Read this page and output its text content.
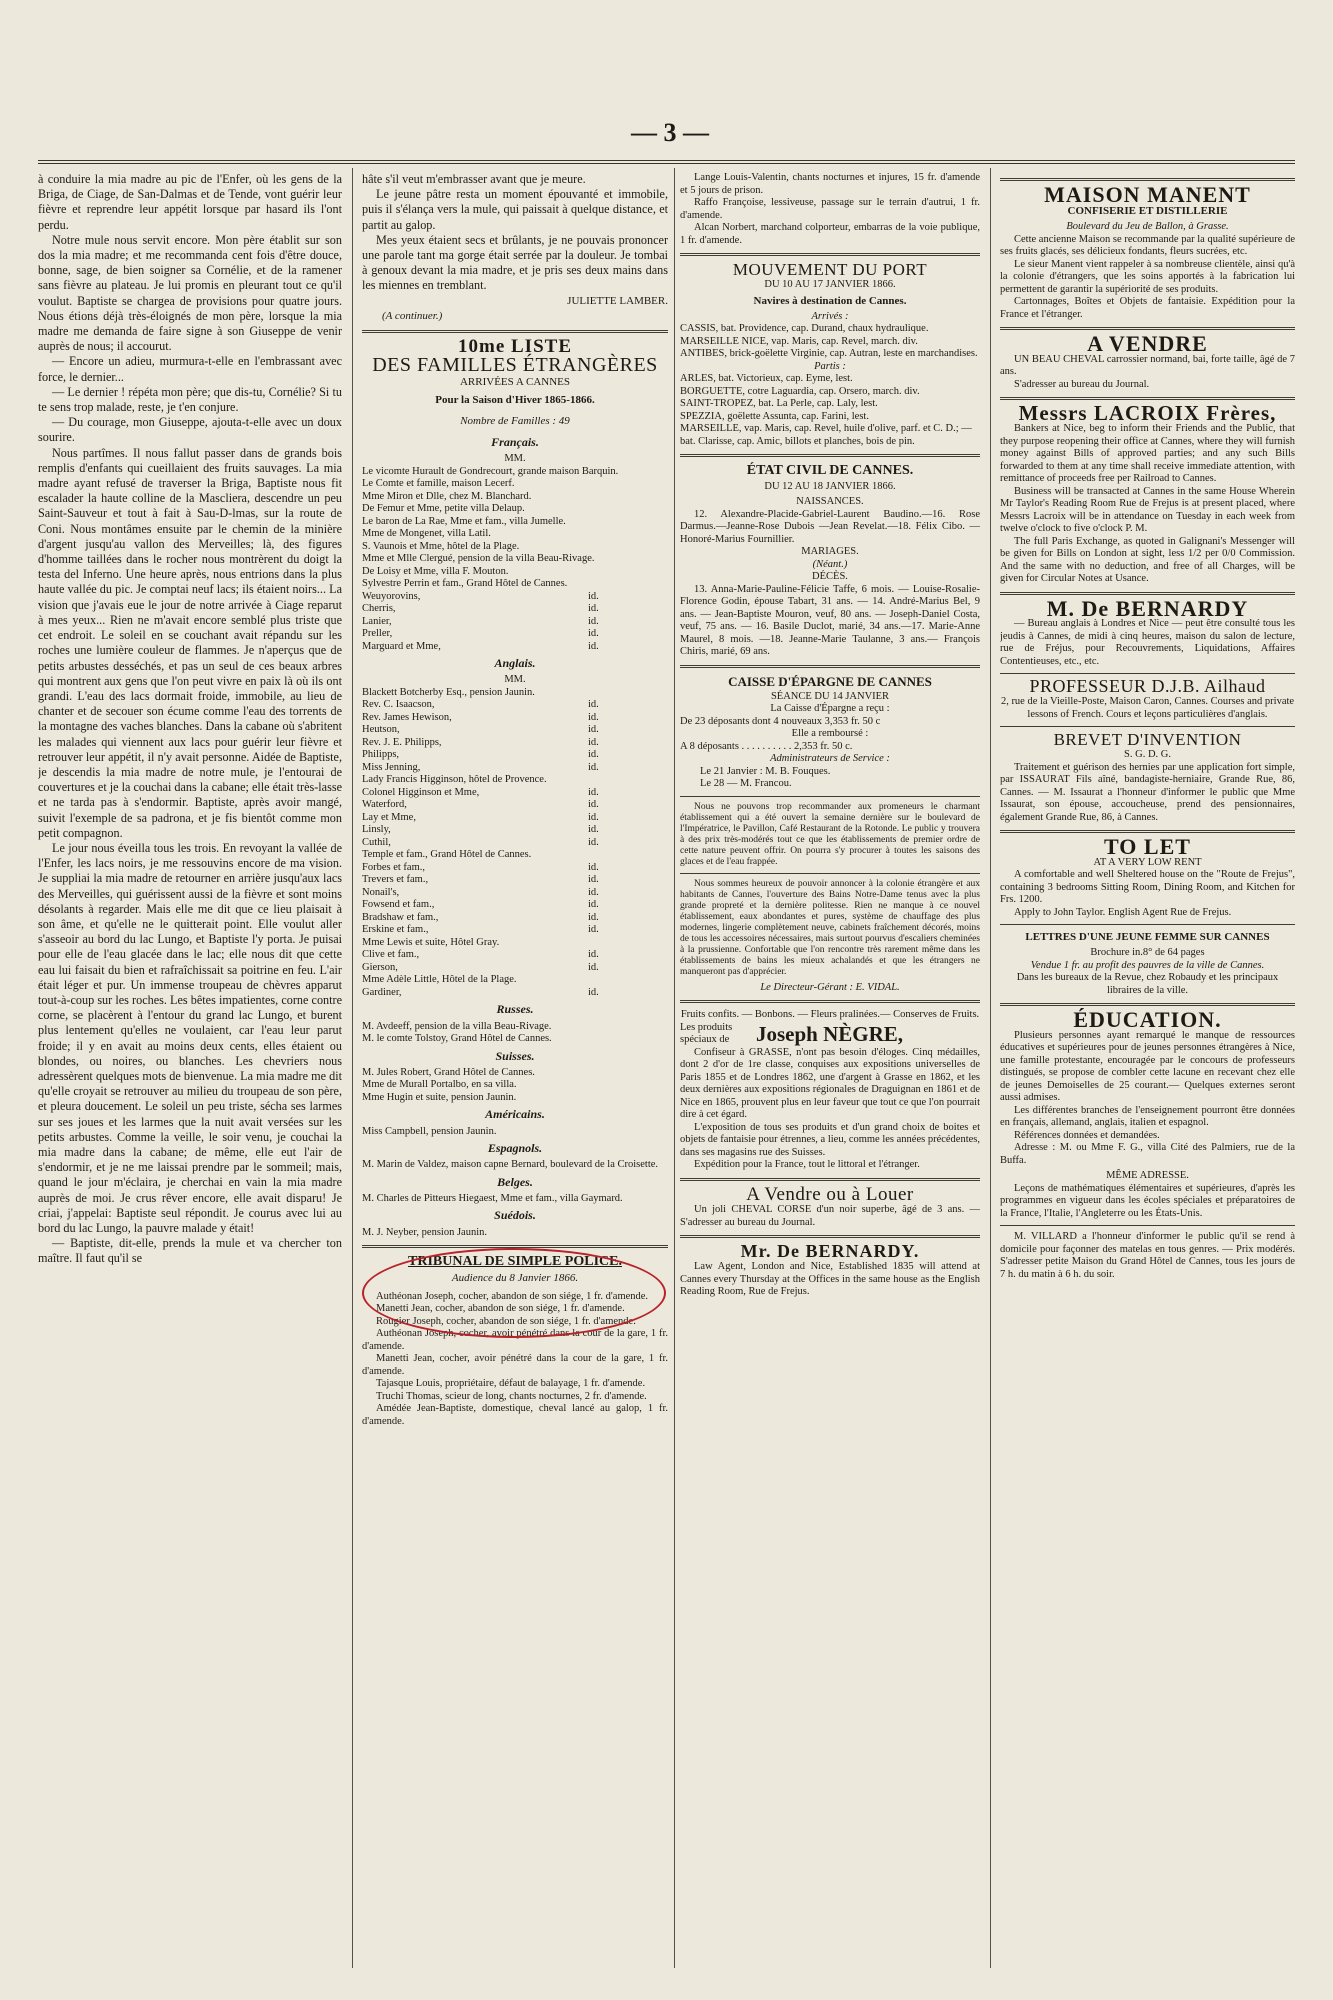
— 3 —

à conduire la mia madre au pic de l'Enfer, où les gens de la Briga, de Ciage, de San-Dalmas et de Tende, vont guérir leur fièvre et reprendre leur appétit lorsque par hasard ils l'ont perdu.

Notre mule nous servit encore. Mon père établit sur son dos la mia madre; et me recommanda cent fois d'être douce, bonne, sage, de bien soigner sa Cornélie, et de la ramener sans fièvre au plateau. Je lui promis en pleurant tout ce qu'il voulut. Baptiste se chargea de provisions pour quatre jours. Nous étions déjà très-éloignés de mon père, lorsque la mia madre me demanda de faire signe à son Giuseppe de venir auprès de nous; il accourut.

— Encore un adieu, murmura-t-elle en l'embrassant avec force, le dernier...

— Le dernier ! répéta mon père; que dis-tu, Cornélie? Si tu te sens trop malade, reste, je t'en conjure.

— Du courage, mon Giuseppe, ajouta-t-elle avec un doux sourire.

Nous partîmes. Il nous fallut passer dans de grands bois remplis d'enfants qui cueillaient des fruits sauvages. La mia madre ayant refusé de traverser la Briga, Baptiste nous fit escalader la haute colline de la Mascliera, descendre un peu Saint-Sauveur et tout à fait à Sau-D-lmas, sur la route de Coni. Nous montâmes ensuite par le chemin de la minière d'argent jusqu'au vallon des Merveilles; là, des figures d'homme taillées dans le rocher nous montrèrent du doigt la testa del Inferno. Une heure après, nous entrions dans la plus haute vallée du pic. Je comptai neuf lacs; ils étaient noirs... La vision que j'avais eue le jour de notre arrivée à Ciage reparut à mes yeux... Rien ne m'avait encore semblé plus triste que cet endroit. Le soleil en se couchant avait répandu sur les roches une lumière couleur de flammes. Je n'aperçus que de petits arbustes desséchés, et pas un seul de ces beaux arbres qui montrent aux gens que l'on peut vivre en paix là où ils ont grandi. L'eau des lacs dormait froide, immobile, au lieu de chanter et de secouer son écume comme l'eau des torrents de la montagne des vaches blanches. Dans la cabane où s'abritent les malades qui viennent aux lacs pour guérir leur fièvre et retrouver leur appétit, il n'y avait personne. Aidée de Baptiste, je descendis la mia madre de notre mule, je l'entourai de couvertures et je la couchai dans la cabane; elle était très-lasse et ne tarda pas à s'endormir. Baptiste, après avoir mangé, suivit l'exemple de sa padrona, et je fis bientôt comme mon petit compagnon.

Le jour nous éveilla tous les trois. En revoyant la vallée de l'Enfer, les lacs noirs, je me ressouvins encore de ma vision. Je suppliai la mia madre de retourner en arrière jusqu'aux lacs des Merveilles, qui guérissent aussi de la fièvre et sont moins désolants à regarder. Mais elle me dit que ce lieu plaisait à son âme, et qu'elle ne le quitterait point. Elle voulut aller s'asseoir au bord du lac Lungo, et Baptiste l'y porta. Je puisai pour elle de l'eau glacée dans le lac; elle nous dit que cette eau lui faisait du bien et rafraîchissait sa poitrine en feu. L'air était léger et pur. Un immense troupeau de chèvres apparut tout-à-coup sur les roches. Les bêtes impatientes, corne contre corne, se placèrent à l'entour du grand lac Lungo, et burent plus lentement qu'elles ne voulaient, car l'eau leur parut froide; il y en avait au moins deux cents, elles étaient ou blondes, ou noires, ou blanches. Les chevriers nous adressèrent quelques mots de bienvenue. La mia madre me dit qu'elle croyait se retrouver au milieu du troupeau de son père, et pleura doucement. Le soleil un peu triste, sécha ses larmes sur ses joues et les larmes que la nuit avait versées sur les petits arbustes. Comme la veille, le soir venu, je couchai la mia madre dans la cabane; de même, elle eut l'air de s'endormir, et je ne me laissai prendre par le sommeil; mais, quand le jour m'éclaira, je cherchai en vain la mia madre auprès de moi. Je crus rêver encore, elle avait disparu! Je criai, j'appelai: Baptiste seul répondit. Je courus avec lui au bord du lac Lungo, la pauvre malade y était!

— Baptiste, dit-elle, prends la mule et va chercher ton maître. Il faut qu'il se

hâte s'il veut m'embrasser avant que je meure.

Le jeune pâtre resta un moment épouvanté et immobile, puis il s'élança vers la mule, qui paissait à quelque distance, et partit au galop.

Mes yeux étaient secs et brûlants, je ne pouvais prononcer une parole tant ma gorge était serrée par la douleur. Je tombai à genoux devant la mia madre, et je pris ses deux mains dans les miennes en tremblant.

JULIETTE LAMBER.
(A continuer.)
10me LISTE
DES FAMILLES ÉTRANGÈRES
ARRIVÉES A CANNES
Pour la Saison d'Hiver 1865-1866.
Nombre de Familles : 49
Français.
MM.
Le vicomte Hurault de Gondrecourt, grande maison Barquin.
Le Comte et famille, maison Lecerf.
Mme Miron et Dlle, chez M. Blanchard.
De Femur et Mme, petite villa Delaup.
Le baron de La Rae, Mme et fam., villa Jumelle.
Mme de Mongenet, villa Latil.
S. Vaunois et Mme, hôtel de la Plage.
Mme et Mlle Clergué, pension de la villa Beau-Rivage.
De Loisy et Mme, villa F. Mouton.
Sylvestre Perrin et fam., Grand Hôtel de Cannes.
Weuyorovins,	id.
Cherris,	id.
Lanier,	id.
Preller,	id.
Marguard et Mme,	id.
Anglais.
MM.
Blackett Botcherby Esq., pension Jaunin.
Rev. C. Isaacson,	id.
Rev. James Hewison,	id.
Heutson,	id.
Rev. J. E. Philipps,	id.
Philipps,	id.
Miss Jenning,	id.
Lady Francis Higginson, hôtel de Provence.
Colonel Higginson et Mme,	id.
Waterford,	id.
Lay et Mme,	id.
Linsly,	id.
Cuthil,	id.
Temple et fam., Grand Hôtel de Cannes.
Forbes et fam.,	id.
Trevers et fam.,	id.
Nonail's,	id.
Fowsend et fam.,	id.
Bradshaw et fam.,	id.
Erskine et fam.,	id.
Mme Lewis et suite, Hôtel Gray.
Clive et fam.,	id.
Gierson,	id.
Mme Adèle Little, Hôtel de la Plage.
Gardiner,	id.
Russes.
M. Avdeeff, pension de la villa Beau-Rivage.
M. le comte Tolstoy, Grand Hôtel de Cannes.
Suisses.
M. Jules Robert, Grand Hôtel de Cannes.
Mme de Murall Portalbo, en sa villa.
Mme Hugin et suite, pension Jaunin.
Américains.
Miss Campbell, pension Jaunin.
Espagnols.
M. Marin de Valdez, maison capne Bernard, boulevard de la Croisette.
Belges.
M. Charles de Pitteurs Hiegaest, Mme et fam., villa Gaymard.
Suédois.
M. J. Neyber, pension Jaunin.
TRIBUNAL DE SIMPLE POLICE.
Audience du 8 Janvier 1866.

Authéonan Joseph, cocher, abandon de son siége, 1 fr. d'amende.

Manetti Jean, cocher, abandon de son siége, 1 fr. d'amende.

Rougier Joseph, cocher, abandon de son siége, 1 fr. d'amende.

Authéonan Joseph, cocher, avoir pénétré dans la cour de la gare, 1 fr. d'amende.

Manetti Jean, cocher, avoir pénétré dans la cour de la gare, 1 fr. d'amende.

Tajasque Louis, propriétaire, défaut de balayage, 1 fr. d'amende.

Truchi Thomas, scieur de long, chants nocturnes, 2 fr. d'amende.

Amédée Jean-Baptiste, domestique, cheval lancé au galop, 1 fr. d'amende.

Lange Louis-Valentin, chants nocturnes et injures, 15 fr. d'amende et 5 jours de prison.

Raffo Françoise, lessiveuse, passage sur le terrain d'autrui, 1 fr. d'amende.

Alcan Norbert, marchand colporteur, embarras de la voie publique, 1 fr. d'amende.

MOUVEMENT DU PORT
DU 10 AU 17 JANVIER 1866.
Navires à destination de Cannes.
Arrivés :
CASSIS, bat. Providence, cap. Durand, chaux hydraulique.
MARSEILLE NICE, vap. Maris, cap. Revel, march. div.
ANTIBES, brick-goëlette Virginie, cap. Autran, leste en marchandises.
Partis :
ARLES, bat. Victorieux, cap. Eyme, lest.
BORGUETTE, cotre Laguardia, cap. Orsero, march. div.
SAINT-TROPEZ, bat. La Perle, cap. Laly, lest.
SPEZZIA, goëlette Assunta, cap. Farini, lest.
MARSEILLE, vap. Maris, cap. Revel, huile d'olive, parf. et C. D.; — bat. Clarisse, cap. Amic, billots et planches, bois de pin.
ÉTAT CIVIL DE CANNES.
DU 12 AU 18 JANVIER 1866.
NAISSANCES.

12. Alexandre-Placide-Gabriel-Laurent Baudino.—16. Rose Darmus.—Jeanne-Rose Dubois —Jean Revelat.—18. Félix Cibo. — Honoré-Marius Fournillier.

MARIAGES.
(Néant.)
DÉCÈS.

13. Anna-Marie-Pauline-Félicie Taffe, 6 mois. — Louise-Rosalie-Florence Godin, épouse Tabart, 31 ans. — 14. André-Marius Bel, 9 ans. — Jean-Baptiste Mouron, veuf, 80 ans. — Joseph-Daniel Costa, veuf, 75 ans. — 16. Basile Duclot, marié, 34 ans.—17. Marie-Anne Maurel, 8 mois. —18. Jeanne-Marie Taulanne, 3 ans.— François Chiris, marié, 69 ans.

CAISSE D'ÉPARGNE DE CANNES
SÉANCE DU 14 JANVIER
La Caisse d'Épargne a reçu :
De 23 déposants dont 4 nouveaux 3,353 fr. 50 c
Elle a remboursé :
A 8 déposants . . . . . . . . . . 2,353 fr. 50 c.
Administrateurs de Service :
Le 21 Janvier : M. B. Fouques.
Le 28 — M. Francou.

Nous ne pouvons trop recommander aux promeneurs le charmant établissement qui a été ouvert la semaine dernière sur le boulevard de l'Impératrice, le Pavillon, Café Restaurant de la Rotonde. Le public y trouvera à des prix très-modérés tout ce que les établissements de premier ordre de cette nature peuvent offrir. On pourra s'y procurer à toutes les saisons des glaces et de l'eau frappée.

Nous sommes heureux de pouvoir annoncer à la colonie étrangère et aux habitants de Cannes, l'ouverture des Bains Notre-Dame tenus avec la plus grande propreté et la dernière politesse. Rien ne manque à ce nouvel établissement, eaux abondantes et pures, système de chauffage des plus modernes, lingerie complètement neuve, cabinets fraîchement décorés, moins de tous les accessoires nécessaires, mais surtout pourvus d'escaliers cheminées à la prussienne. Confortable que l'on rencontre très rarement même dans les établissements de bains les mieux achalandés et que les étrangers ne manqueront pas d'apprécier.

Le Directeur-Gérant : E. VIDAL.
Fruits confits. — Bonbons. — Fleurs pralinées.— Conserves de Fruits.
Les produits spéciaux de	Joseph NÈGRE,

Confiseur à GRASSE, n'ont pas besoin d'éloges. Cinq médailles, dont 2 d'or de 1re classe, conquises aux expositions universelles de Paris 1855 et de Londres 1862, une d'argent à Grasse en 1862, et les deux dernières aux expositions régionales de Draguignan en 1861 et de Nice en 1865, prouvent plus en leur faveur que tout ce que l'on pourrait dire à cet égard.

L'exposition de tous ses produits et d'un grand choix de boites et objets de fantaisie pour étrennes, a lieu, comme les années précédentes, dans ses magasins rue des Suisses.

Expédition pour la France, tout le littoral et l'étranger.

A Vendre ou à Louer

Un joli CHEVAL CORSE d'un noir superbe, âgé de 3 ans. — S'adresser au bureau du Journal.

Mr. De BERNARDY.

Law Agent, London and Nice, Established 1835 will attend at Cannes every Thursday at the Offices in the same house as the English Reading Room, Rue de Frejus.

MAISON MANENT
CONFISERIE ET DISTILLERIE
Boulevard du Jeu de Ballon, à Grasse.

Cette ancienne Maison se recommande par la qualité supérieure de ses fruits glacés, ses délicieux fondants, fleurs sucrées, etc.

Le sieur Manent vient rappeler à sa nombreuse clientèle, ainsi qu'à la colonie d'étrangers, que les soins apportés à la fabrication lui permettent de garantir la supériorité de ses produits.

Cartonnages, Boîtes et Objets de fantaisie. Expédition pour la France et l'étranger.

A VENDRE

UN BEAU CHEVAL carrossier normand, bai, forte taille, âgé de 7 ans.

S'adresser au bureau du Journal.

Messrs LACROIX Frères,

Bankers at Nice, beg to inform their Friends and the Public, that they purpose reopening their office at Cannes, where they will furnish money against Bills of approved parties; and any such Bills forwarded to them at any time shall receive immediate attention, with remittance of proceeds free per Railroad to Cannes.

Business will be transacted at Cannes in the same House Wherein Mr Taylor's Reading Room Rue de Frejus is at present placed, where Messrs Lacroix will be in attendance on Tuesday in each week from twelve o'clock to five o'clock P. M.

The full Paris Exchange, as quoted in Galignani's Messenger will be given for Bills on London at sight, less 1/2 per 0/0 Commission. And the same with no deduction, and free of all Charges, will be given for Circular Notes at Usance.

M. De BERNARDY

— Bureau anglais à Londres et Nice — peut être consulté tous les jeudis à Cannes, de midi à cinq heures, maison du salon de lecture, rue de Fréjus, pour Recouvrements, Liquidations, Affaires Contentieuses, etc., etc.

PROFESSEUR D.J.B. Ailhaud

2, rue de la Vieille-Poste, Maison Caron, Cannes. Courses and private lessons of French. Cours et leçons particulières d'anglais.

BREVET D'INVENTION
S. G. D. G.

Traitement et guérison des hernies par une application fort simple, par ISSAURAT Fils aîné, bandagiste-herniaire, Grande Rue, 86, Cannes. — M. Issaurat a l'honneur d'informer le public que Mme Issaurat, son épouse, accoucheuse, prend des pensionnaires, également Grande Rue, 86, à Cannes.

TO LET
AT A VERY LOW RENT

A comfortable and well Sheltered house on the "Route de Frejus", containing 3 bedrooms Sitting Room, Dining Room, and Kitchen for Frs. 1200.

Apply to John Taylor. English Agent Rue de Frejus.

LETTRES D'UNE JEUNE FEMME SUR CANNES
Brochure in.8° de 64 pages
Vendue 1 fr. au profit des pauvres de la ville de Cannes.
Dans les bureaux de la Revue, chez Robaudy et les principaux libraires de la ville.
ÉDUCATION.

Plusieurs personnes ayant remarqué le manque de ressources éducatives et supérieures pour de jeunes personnes étrangères à Nice, une famille protestante, encouragée par le concours de professeurs distingués, se propose de combler cette lacune en recevant chez elle de jeunes Demoiselles de 25 courant.— Quelques externes seront aussi admises.

Les différentes branches de l'enseignement pourront être données en français, allemand, anglais, italien et espagnol.

Références données et demandées.

Adresse : M. ou Mme F. G., villa Cité des Palmiers, rue de la Buffa.

MÊME ADRESSE.

Leçons de mathématiques élémentaires et supérieures, d'après les programmes en vigueur dans les écoles spéciales et préparatoires de la France, l'Italie, l'Angleterre ou les États-Unis.

M. VILLARD a l'honneur d'informer le public qu'il se rend à domicile pour façonner des matelas en tous genres. — Prix modérés. S'adresser petite Maison du Grand Hôtel de Cannes, tous les jours de 7 h. du matin à 6 h. du soir.
